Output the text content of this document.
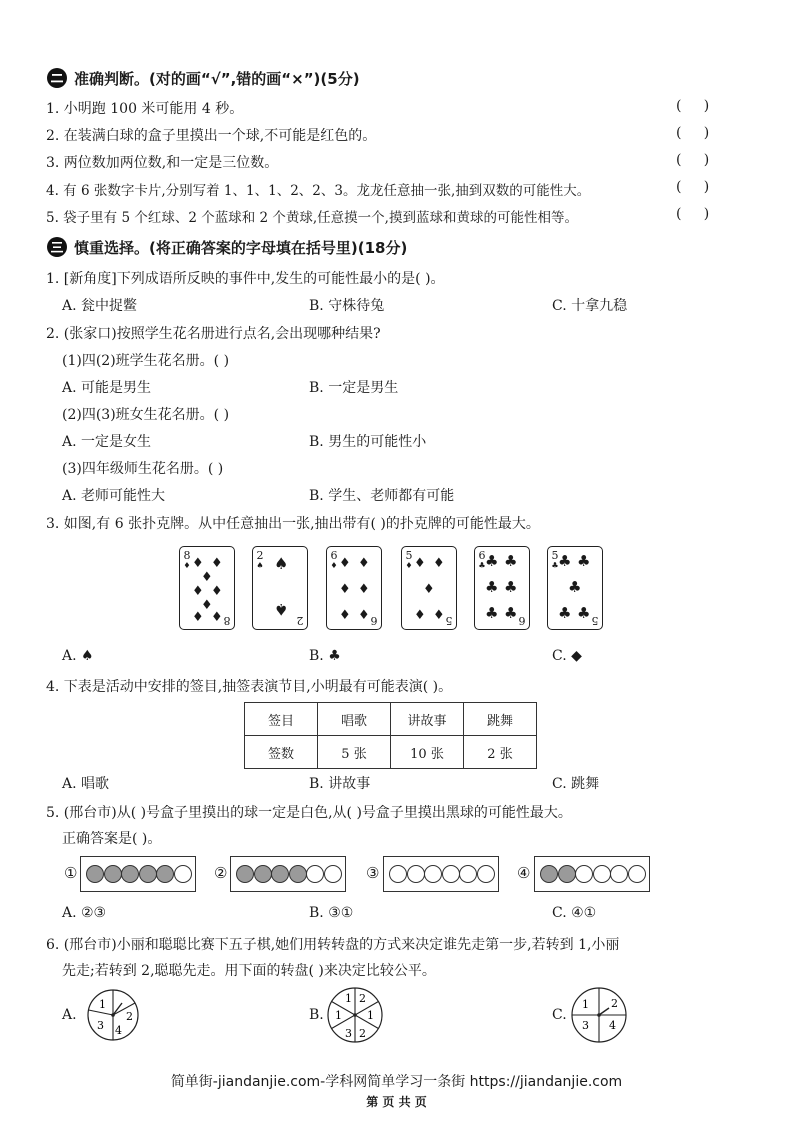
准确判断。(对的画“√”,错的画“×”)(5分)
1. 小明跑 100 米可能用 4 秒。	(     )
2. 在装满白球的盒子里摸出一个球,不可能是红色的。	(     )
3. 两位数加两位数,和一定是三位数。	(     )
4. 有 6 张数字卡片,分别写着 1、1、1、2、2、3。龙龙任意抽一张,抽到双数的可能性大。	(     )
5. 袋子里有 5 个红球、2 个蓝球和 2 个黄球,任意摸一个,摸到蓝球和黄球的可能性相等。	(     )
慎重选择。(将正确答案的字母填在括号里)(18分)
1. [新角度]下列成语所反映的事件中,发生的可能性最小的是( )。
A. 瓮中捉鳖	B. 守株待兔	C. 十拿九稳
2. (张家口)按照学生花名册进行点名,会出现哪种结果?
(1)四(2)班学生花名册。( )
A. 可能是男生	B. 一定是男生
(2)四(3)班女生花名册。( )
A. 一定是女生	B. 男生的可能性小
(3)四年级师生花名册。( )
A. 老师可能性大	B. 学生、老师都有可能
3. 如图,有 6 张扑克牌。从中任意抽出一张,抽出带有( )的扑克牌的可能性最大。
8
♦ ♦ ♦
♦
♦ ♦
♦
♦ ♦ 8
2
♠ ♠
♠
2
6
♦ ♦ ♦
♦ ♦
♦ ♦ 6
5
♦ ♦ ♦
♦
♦ ♦ 5
6
♣ ♣ ♣
♣ ♣
♣ ♣ 6
5
♣ ♣ ♣
♣
♣ ♣ 5
A. ♠	B. ♣	C. ◆
4. 下表是活动中安排的签目,抽签表演节目,小明最有可能表演( )。
签目	唱歌	讲故事	跳舞
签数	5 张	10 张	2 张
A. 唱歌	B. 讲故事	C. 跳舞
5. (邢台市)从( )号盒子里摸出的球一定是白色,从( )号盒子里摸出黑球的可能性最大。
正确答案是( )。
①	②	③	④
A. ②③	B. ③①	C. ④①
6. (邢台市)小丽和聪聪比赛下五子棋,她们用转转盘的方式来决定谁先走第一步,若转到 1,小丽
先走;若转到 2,聪聪先走。用下面的转盘( )来决定比较公平。
A.
1
2
3 4
B.
1 2
1
2
3
1	C.
1 2
3 4
简单街-jiandanjie.com-学科网简单学习一条街 https://jiandanjie.com
第 页 共 页
